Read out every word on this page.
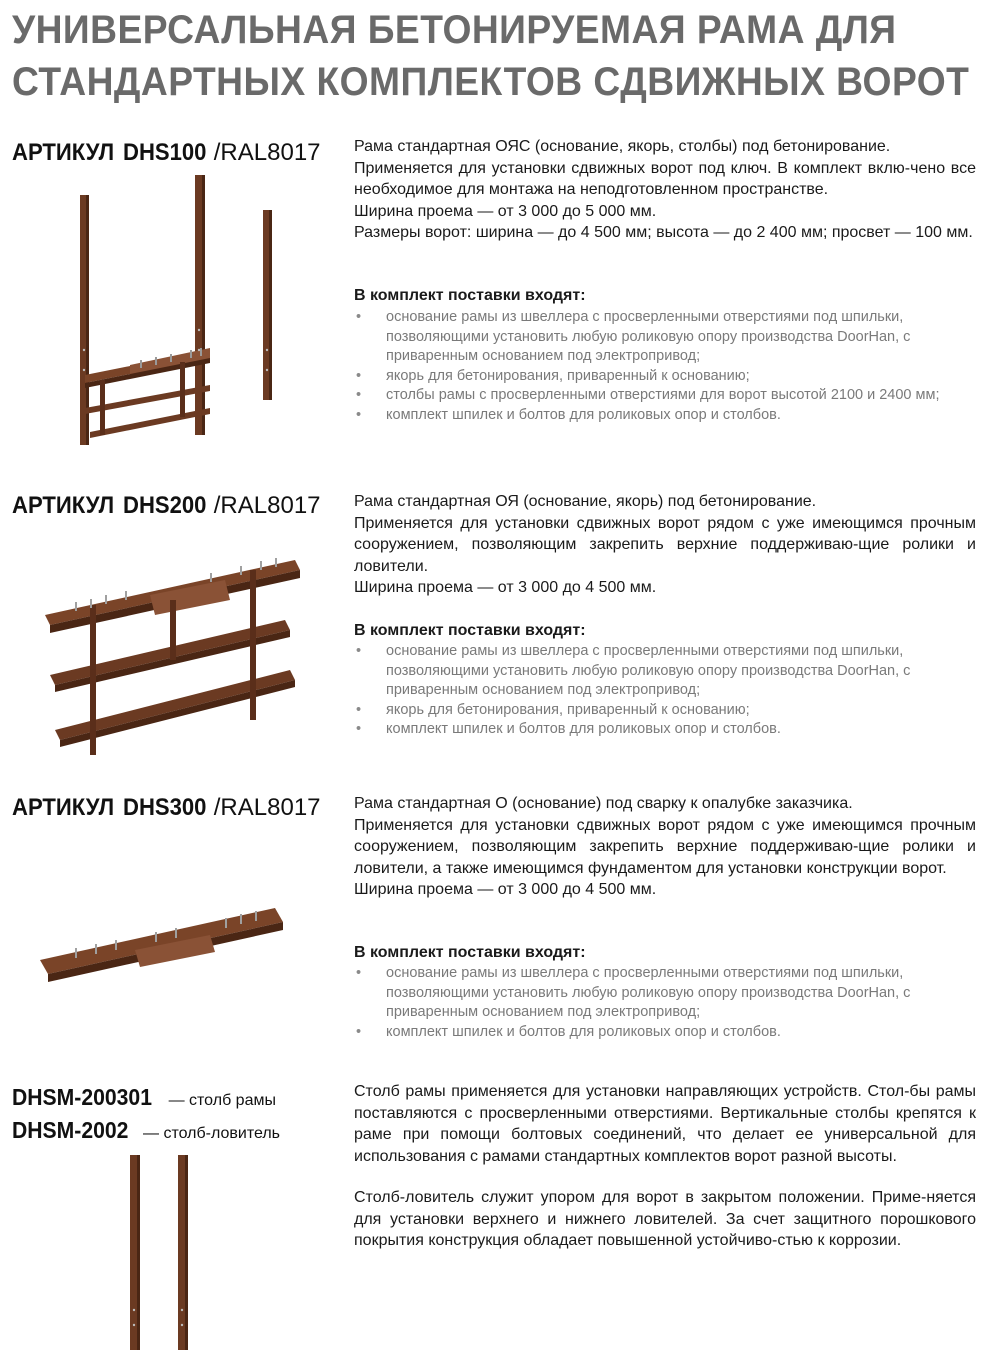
УНИВЕРСАЛЬНАЯ БЕТОНИРУЕМАЯ РАМА ДЛЯ
СТАНДАРТНЫХ КОМПЛЕКТОВ СДВИЖНЫХ ВОРОТ
АРТИКУЛ DHS100 /RAL8017 Рама стандартная ОЯС (основание, якорь, столбы) под бетонирование.

Применяется для установки сдвижных ворот под ключ. В комплект вклю-чено все необходимое для монтажа на неподготовленном пространстве.

Ширина проема — от 3 000 до 5 000 мм.

Размеры ворот: ширина — до 4 500 мм; высота — до 2 400 мм; просвет — 100 мм.

В комплект поставки входят:
• основание рамы из швеллера с просверленными отверстиями под шпильки, позволяющими установить любую роликовую опору производства DoorHan, с приваренным основанием под электропривод;
• якорь для бетонирования, приваренный к основанию;
• столбы рамы с просверленными отверстиями для ворот высотой 2100 и 2400 мм;
• комплект шпилек и болтов для роликовых опор и столбов.
АРТИКУЛ DHS200 /RAL8017 Рама стандартная ОЯ (основание, якорь) под бетонирование.

Применяется для установки сдвижных ворот рядом с уже имеющимся прочным сооружением, позволяющим закрепить верхние поддерживаю-щие ролики и ловители.

Ширина проема — от 3 000 до 4 500 мм.

В комплект поставки входят:
• основание рамы из швеллера с просверленными отверстиями под шпильки, позволяющими установить любую роликовую опору производства DoorHan, с приваренным основанием под электропривод;
• якорь для бетонирования, приваренный к основанию;
• комплект шпилек и болтов для роликовых опор и столбов.
АРТИКУЛ DHS300 /RAL8017 Рама стандартная О (основание) под сварку к опалубке заказчика.

Применяется для установки сдвижных ворот рядом с уже имеющимся прочным сооружением, позволяющим закрепить верхние поддерживаю-щие ролики и ловители, а также имеющимся фундаментом для установки конструкции ворот.

Ширина проема — от 3 000 до 4 500 мм.

В комплект поставки входят:
• основание рамы из швеллера с просверленными отверстиями под шпильки, позволяющими установить любую роликовую опору производства DoorHan, с приваренным основанием под электропривод;
• комплект шпилек и болтов для роликовых опор и столбов.
DHSM-200301 — столб рамы
DHSM-2002 — столб-ловитель

Столб рамы применяется для установки направляющих устройств. Стол-бы рамы поставляются с просверленными отверстиями. Вертикальные столбы крепятся к раме при помощи болтовых соединений, что делает ее универсальной для использования с рамами стандартных комплектов ворот разной высоты.

Столб-ловитель служит упором для ворот в закрытом положении. Приме-няется для установки верхнего и нижнего ловителей. За счет защитного порошкового покрытия конструкция обладает повышенной устойчиво-стью к коррозии.
